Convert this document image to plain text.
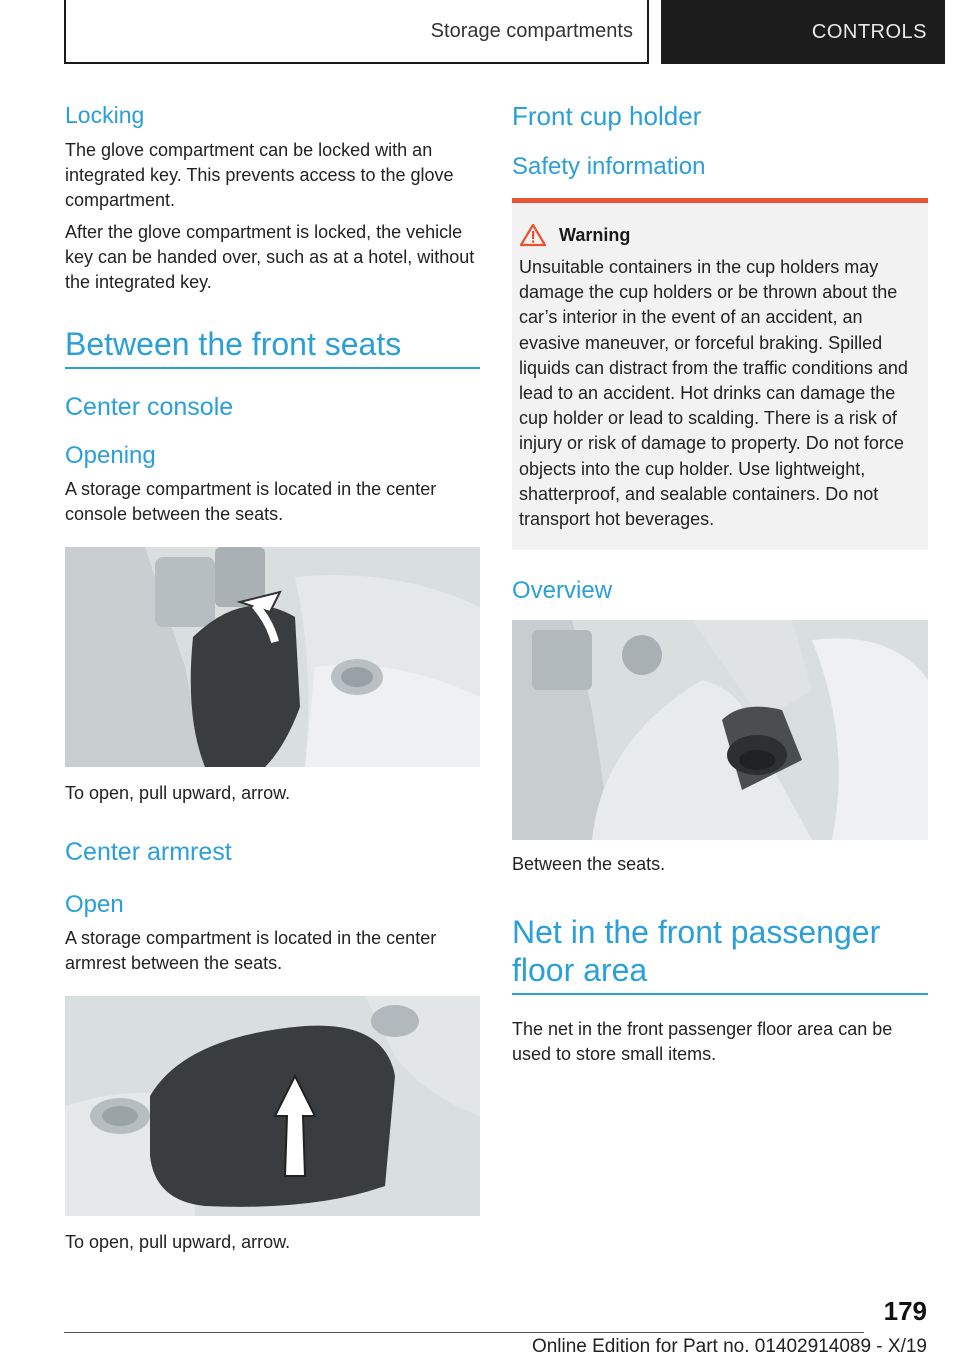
Storage compartments	CONTROLS
Locking

The glove compartment can be locked with an integrated key. This prevents access to the glove compartment.

After the glove compartment is locked, the vehicle key can be handed over, such as at a hotel, without the integrated key.

Between the front seats
Center console
Opening

A storage compartment is located in the center console between the seats.

To open, pull upward, arrow.

Center armrest
Open

A storage compartment is located in the center armrest between the seats.

To open, pull upward, arrow.

Front cup holder
Safety information
Warning

Unsuitable containers in the cup holders may damage the cup holders or be thrown about the car’s interior in the event of an accident, an evasive maneuver, or forceful braking. Spilled liquids can distract from the traffic conditions and lead to an accident. Hot drinks can damage the cup holder or lead to scalding. There is a risk of injury or risk of damage to property. Do not force objects into the cup holder. Use lightweight, shatterproof, and sealable containers. Do not transport hot beverages.

Overview

Between the seats.

Net in the front passenger floor area

The net in the front passenger floor area can be used to store small items.

179
Online Edition for Part no. 01402914089 - X/19
